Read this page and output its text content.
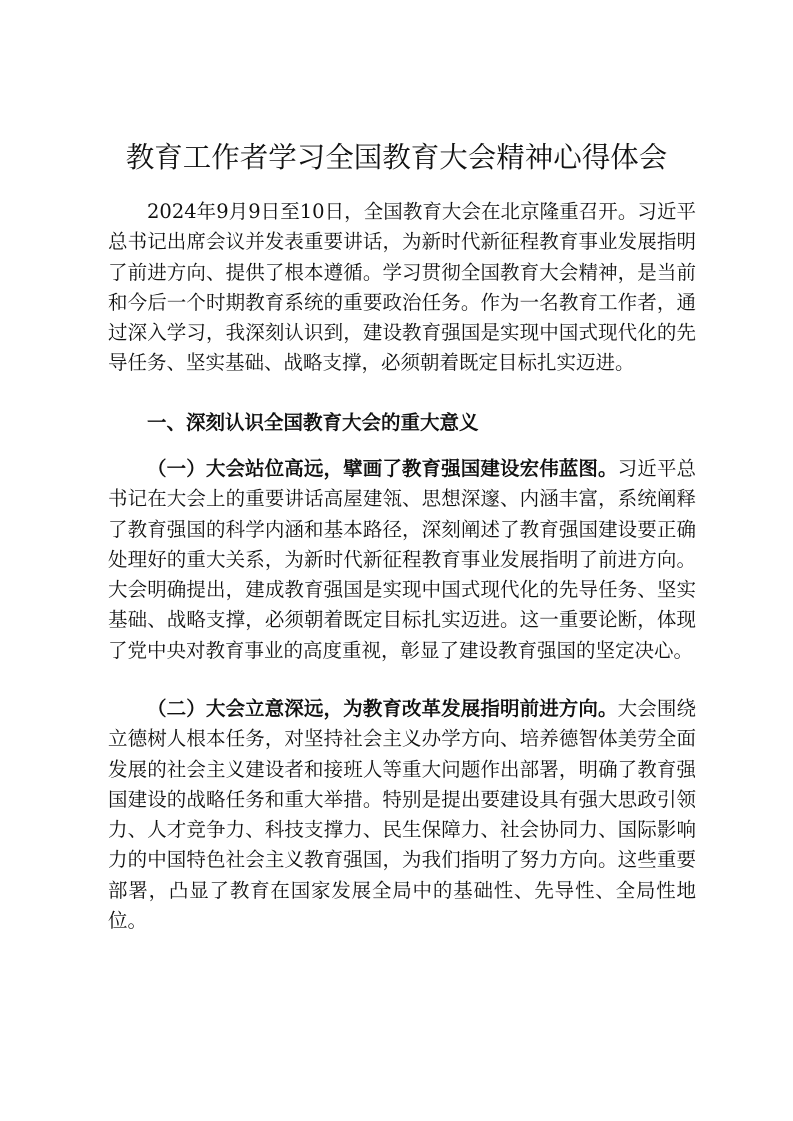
教育工作者学习全国教育大会精神心得体会

2024年9月9日至10日，全国教育大会在北京隆重召开。习近平总书记出席会议并发表重要讲话，为新时代新征程教育事业发展指明了前进方向、提供了根本遵循。学习贯彻全国教育大会精神，是当前和今后一个时期教育系统的重要政治任务。作为一名教育工作者，通过深入学习，我深刻认识到，建设教育强国是实现中国式现代化的先导任务、坚实基础、战略支撑，必须朝着既定目标扎实迈进。

一、深刻认识全国教育大会的重大意义

（一）大会站位高远，擘画了教育强国建设宏伟蓝图。习近平总书记在大会上的重要讲话高屋建瓴、思想深邃、内涵丰富，系统阐释了教育强国的科学内涵和基本路径，深刻阐述了教育强国建设要正确处理好的重大关系，为新时代新征程教育事业发展指明了前进方向。大会明确提出，建成教育强国是实现中国式现代化的先导任务、坚实基础、战略支撑，必须朝着既定目标扎实迈进。这一重要论断，体现了党中央对教育事业的高度重视，彰显了建设教育强国的坚定决心。

（二）大会立意深远，为教育改革发展指明前进方向。大会围绕立德树人根本任务，对坚持社会主义办学方向、培养德智体美劳全面发展的社会主义建设者和接班人等重大问题作出部署，明确了教育强国建设的战略任务和重大举措。特别是提出要建设具有强大思政引领力、人才竞争力、科技支撑力、民生保障力、社会协同力、国际影响力的中国特色社会主义教育强国，为我们指明了努力方向。这些重要部署，凸显了教育在国家发展全局中的基础性、先导性、全局性地位。
